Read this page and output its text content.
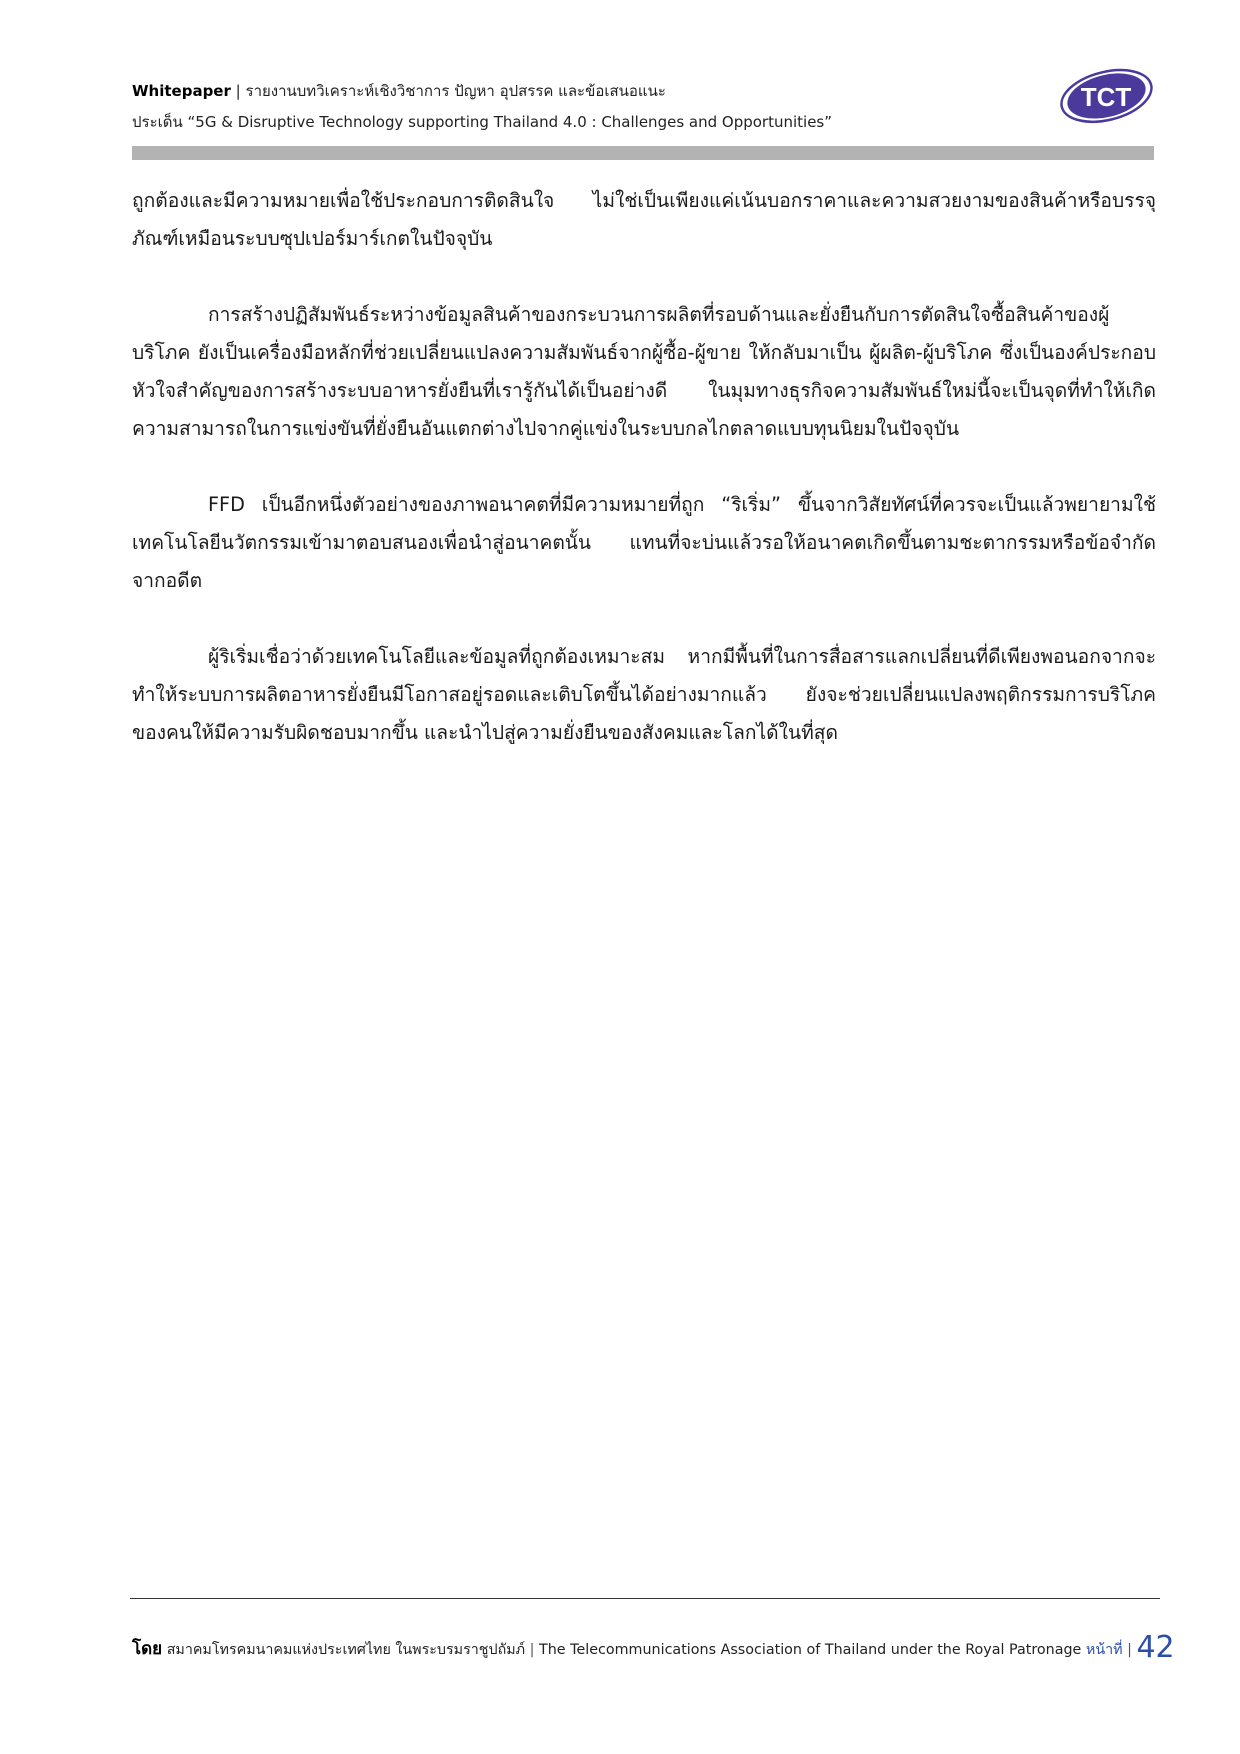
Whitepaper | รายงานบทวิเคราะห์เชิงวิชาการ ปัญหา อุปสรรค และข้อเสนอแนะ
ประเด็น “5G & Disruptive Technology supporting Thailand 4.0 : Challenges and Opportunities”
TCT

ถูกต้องและมีความหมายเพื่อใช้ประกอบการติดสินใจ ไม่ใช่เป็นเพียงแค่เน้นบอกราคาและความสวยงามของสินค้าหรือบรรจุภัณฑ์เหมือนระบบซุปเปอร์มาร์เกตในปัจจุบัน

การสร้างปฏิสัมพันธ์ระหว่างข้อมูลสินค้าของกระบวนการผลิตที่รอบด้านและยั่งยืนกับการตัดสินใจซื้อสินค้าของผู้บริโภค ยังเป็นเครื่องมือหลักที่ช่วยเปลี่ยนแปลงความสัมพันธ์จากผู้ซื้อ-ผู้ขาย ให้กลับมาเป็น ผู้ผลิต-ผู้บริโภค ซึ่งเป็นองค์ประกอบหัวใจสำคัญของการสร้างระบบอาหารยั่งยืนที่เรารู้กันได้เป็นอย่างดี ในมุมทางธุรกิจความสัมพันธ์ใหม่นี้จะเป็นจุดที่ทำให้เกิดความสามารถในการแข่งขันที่ยั่งยืนอันแตกต่างไปจากคู่แข่งในระบบกลไกตลาดแบบทุนนิยมในปัจจุบัน

FFD เป็นอีกหนึ่งตัวอย่างของภาพอนาคตที่มีความหมายที่ถูก “ริเริ่ม” ขึ้นจากวิสัยทัศน์ที่ควรจะเป็นแล้วพยายามใช้เทคโนโลยีนวัตกรรมเข้ามาตอบสนองเพื่อนำสู่อนาคตนั้น แทนที่จะบ่นแล้วรอให้อนาคตเกิดขึ้นตามชะตากรรมหรือข้อจำกัดจากอดีต

ผู้ริเริ่มเชื่อว่าด้วยเทคโนโลยีและข้อมูลที่ถูกต้องเหมาะสม หากมีพื้นที่ในการสื่อสารแลกเปลี่ยนที่ดีเพียงพอนอกจากจะทำให้ระบบการผลิตอาหารยั่งยืนมีโอกาสอยู่รอดและเติบโตขึ้นได้อย่างมากแล้ว ยังจะช่วยเปลี่ยนแปลงพฤติกรรมการบริโภคของคนให้มีความรับผิดชอบมากขึ้น และนำไปสู่ความยั่งยืนของสังคมและโลกได้ในที่สุด

โดย สมาคมโทรคมนาคมแห่งประเทศไทย ในพระบรมราชูปถัมภ์ | The Telecommunications Association of Thailand under the Royal Patronage หน้าที่ | 42
